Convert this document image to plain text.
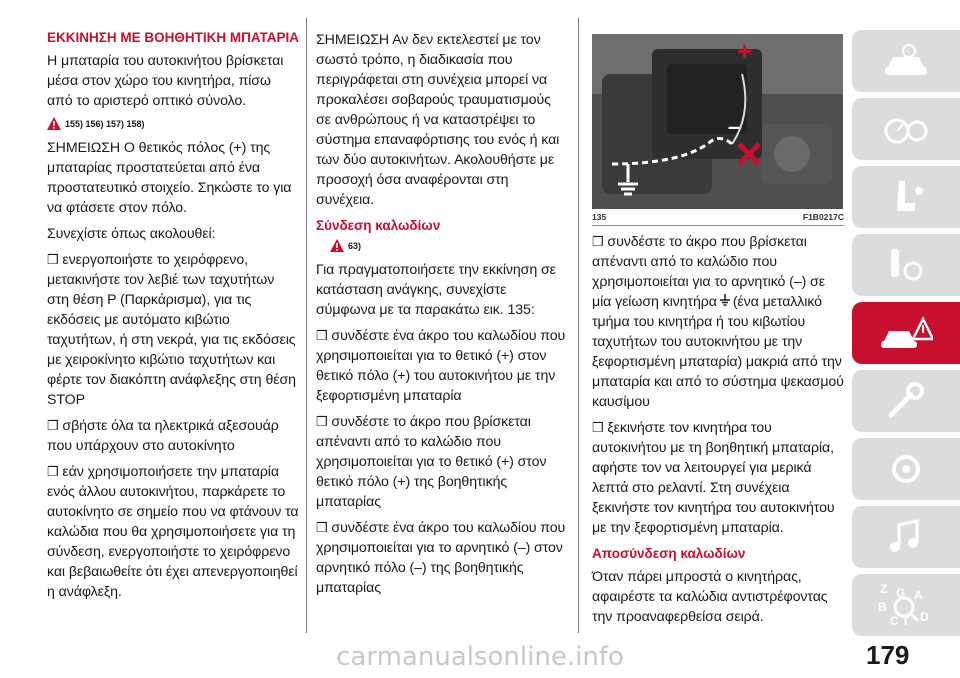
ΕΚΚΙΝΗΣΗ ΜΕ ΒΟΗΘΗΤΙΚΗ ΜΠΑΤΑΡΙΑ

Η μπαταρία του αυτοκινήτου βρίσκεται μέσα στον χώρο του κινητήρα, πίσω από το αριστερό οπτικό σύνολο.

155) 156) 157) 158)

ΣΗΜΕΙΩΣΗ Ο θετικός πόλος (+) της μπαταρίας προστατεύεται από ένα προστατευτικό στοιχείο. Σηκώστε το για να φτάσετε στον πόλο.

Συνεχίστε όπως ακολουθεί:

❒ ενεργοποιήστε το χειρόφρενο, μετακινήστε τον λεβιέ των ταχυτήτων στη θέση P (Παρκάρισμα), για τις εκδόσεις με αυτόματο κιβώτιο ταχυτήτων, ή στη νεκρά, για τις εκδόσεις με χειροκίνητο κιβώτιο ταχυτήτων και φέρτε τον διακόπτη ανάφλεξης στη θέση STOP

❒ σβήστε όλα τα ηλεκτρικά αξεσουάρ που υπάρχουν στο αυτοκίνητο

❒ εάν χρησιμοποιήσετε την μπαταρία ενός άλλου αυτοκινήτου, παρκάρετε το αυτοκίνητο σε σημείο που να φτάνουν τα καλώδια που θα χρησιμοποιήσετε για τη σύνδεση, ενεργοποιήστε το χειρόφρενο και βεβαιωθείτε ότι έχει απενεργοποιηθεί η ανάφλεξη.

ΣΗΜΕΙΩΣΗ Αν δεν εκτελεστεί με τον σωστό τρόπο, η διαδικασία που περιγράφεται στη συνέχεια μπορεί να προκαλέσει σοβαρούς τραυματισμούς σε ανθρώπους ή να καταστρέψει το σύστημα επαναφόρτισης του ενός ή και των δύο αυτοκινήτων. Ακολουθήστε με προσοχή όσα αναφέρονται στη συνέχεια.

Σύνδεση καλωδίων
63)

Για πραγματοποιήσετε την εκκίνηση σε κατάσταση ανάγκης, συνεχίστε σύμφωνα με τα παρακάτω εικ. 135:

❒ συνδέστε ένα άκρο του καλωδίου που χρησιμοποιείται για το θετικό (+) στον θετικό πόλο (+) του αυτοκινήτου με την ξεφορτισμένη μπαταρία

❒ συνδέστε το άκρο που βρίσκεται απέναντι από το καλώδιο που χρησιμοποιείται για το θετικό (+) στον θετικό πόλο (+) της βοηθητικής μπαταρίας

❒ συνδέστε ένα άκρο του καλωδίου που χρησιμοποιείται για το αρνητικό (–) στον αρνητικό πόλο (–) της βοηθητικής μπαταρίας

+
–
135	F1B0217C

❒ συνδέστε το άκρο που βρίσκεται απέναντι από το καλώδιο που χρησιμοποιείται για το αρνητικό (–) σε μία γείωση κινητήρα (ένα μεταλλικό τμήμα του κινητήρα ή του κιβωτίου ταχυτήτων του αυτοκινήτου με την ξεφορτισμένη μπαταρία) μακριά από την μπαταρία και από το σύστημα ψεκασμού καυσίμου

❒ ξεκινήστε τον κινητήρα του αυτοκινήτου με τη βοηθητική μπαταρία, αφήστε τον να λειτουργεί για μερικά λεπτά στο ρελαντί. Στη συνέχεια ξεκινήστε τον κινητήρα του αυτοκινήτου με την ξεφορτισμένη μπαταρία.

Αποσύνδεση καλωδίων

Όταν πάρει μπροστά ο κινητήρας, αφαιρέστε τα καλώδια αντιστρέφοντας την προαναφερθείσα σειρά.

i
Z G
B
A
C T D
179
carmanualsonline.info
